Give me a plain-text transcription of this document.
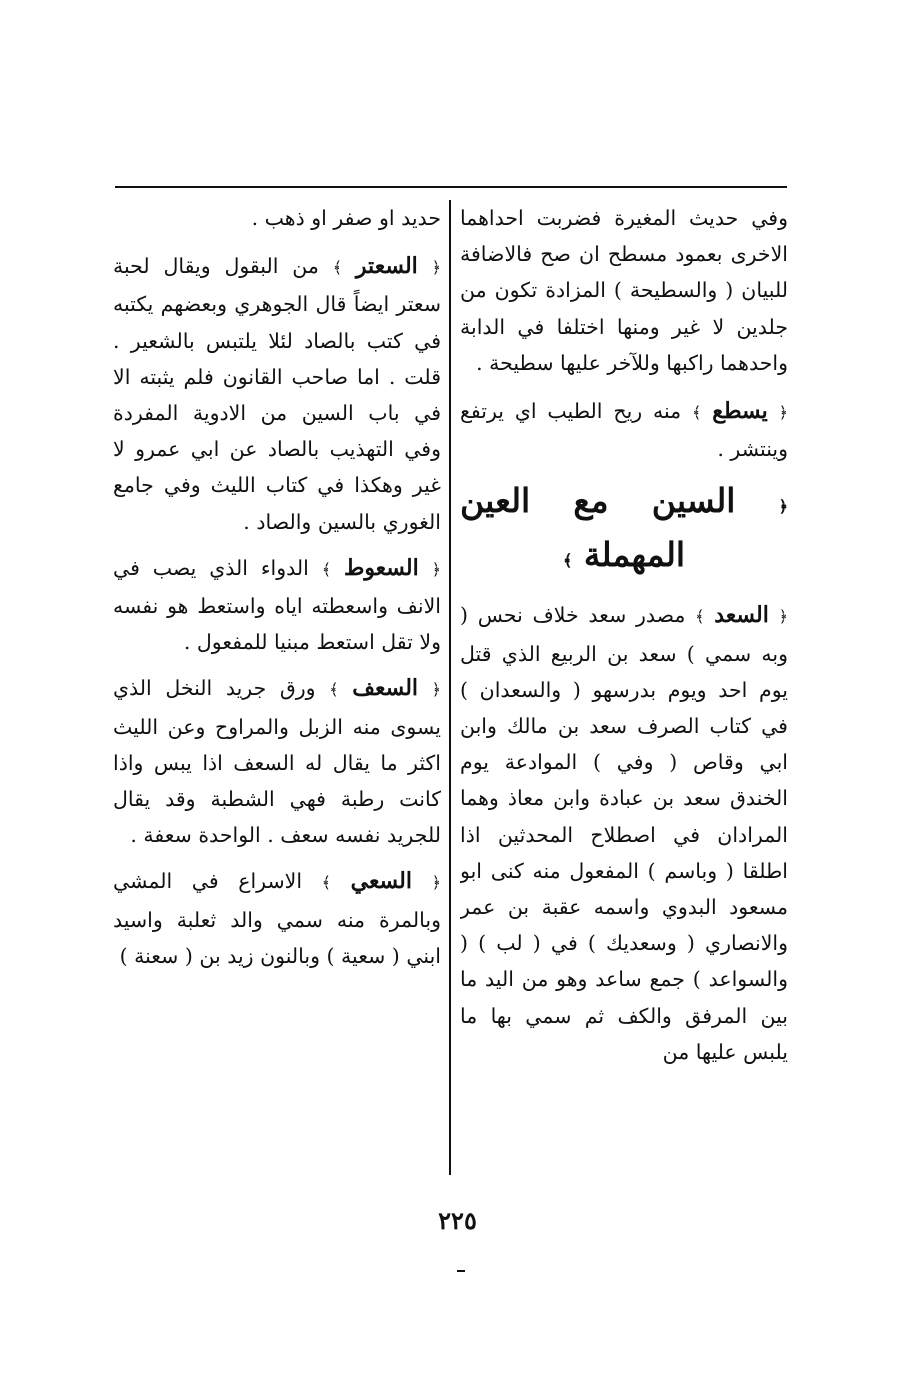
وفي حديث المغيرة فضربت احداهما الاخرى بعمود مسطح ان صح فالاضافة للبيان ( والسطيحة ) المزادة تكون من جلدين لا غير ومنها اختلفا في الدابة واحدهما راكبها وللآخر عليها سطيحة .

﴿ يسطع ﴾ منه ريح الطيب اي يرتفع وينتشر .

﴿ السين مع العين المهملة ﴾

﴿ السعد ﴾ مصدر سعد خلاف نحس ( وبه سمي ) سعد بن الربيع الذي قتل يوم احد ويوم بدرسهو ( والسعدان ) في كتاب الصرف سعد بن مالك وابن ابي وقاص ( وفي ) الموادعة يوم الخندق سعد بن عبادة وابن معاذ وهما المرادان في اصطلاح المحدثين اذا اطلقا ( وباسم ) المفعول منه كنى ابو مسعود البدوي واسمه عقبة بن عمر والانصاري ( وسعديك ) في ( لب ) ( والسواعد ) جمع ساعد وهو من اليد ما بين المرفق والكف ثم سمي بها ما يلبس عليها من

حديد او صفر او ذهب .

﴿ السعتر ﴾ من البقول ويقال لحبة سعتر ايضاً قال الجوهري وبعضهم يكتبه في كتب بالصاد لئلا يلتبس بالشعير . قلت . اما صاحب القانون فلم يثبته الا في باب السين من الادوية المفردة وفي التهذيب بالصاد عن ابي عمرو لا غير وهكذا في كتاب الليث وفي جامع الغوري بالسين والصاد .

﴿ السعوط ﴾ الدواء الذي يصب في الانف واسعطته اياه واستعط هو نفسه ولا تقل استعط مبنيا للمفعول .

﴿ السعف ﴾ ورق جريد النخل الذي يسوى منه الزبل والمراوح وعن الليث اكثر ما يقال له السعف اذا يبس واذا كانت رطبة فهي الشطبة وقد يقال للجريد نفسه سعف . الواحدة سعفة .

﴿ السعي ﴾ الاسراع في المشي وبالمرة منه سمي والد ثعلبة واسيد ابني ( سعية ) وبالنون زيد بن ( سعنة )

٢٢٥
